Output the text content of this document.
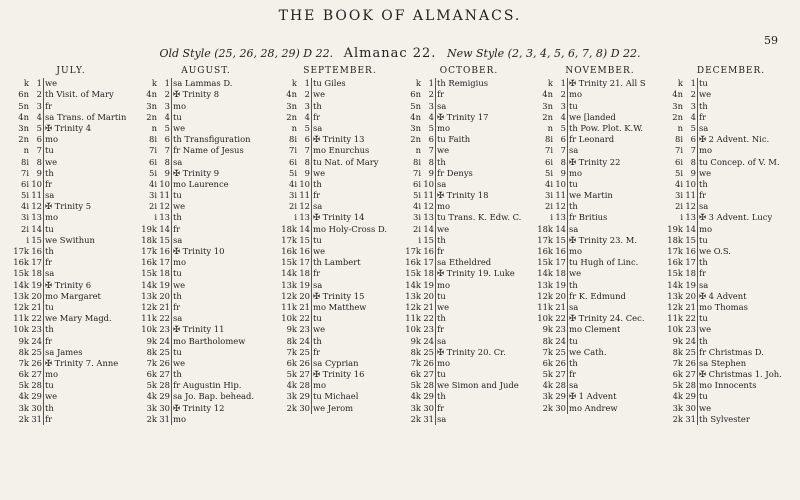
THE BOOK OF ALMANACS.
59
Old Style (25, 26, 28, 29) D 22. Almanac 22. New Style (2, 3, 4, 5, 6, 7, 8) D 22.
JULY.
k 1 we
6n 2 th Visit. of Mary
5n 3 fr
4n 4 sa Trans. of Martin
3n 5 ✠ Trinity 4
2n 6 mo
n 7 tu
8i 8 we
7i 9 th
6i 10 fr
5i 11 sa
4i 12 ✠ Trinity 5
3i 13 mo
2i 14 tu
i 15 we Swithun
17k 16 th
16k 17 fr
15k 18 sa
14k 19 ✠ Trinity 6
13k 20 mo Margaret
12k 21 tu
11k 22 we Mary Magd.
10k 23 th
9k 24 fr
8k 25 sa James
7k 26 ✠ Trinity 7. Anne
6k 27 mo
5k 28 tu
4k 29 we
3k 30 th
2k 31 fr
AUGUST.
k 1 sa Lammas D.
4n 2 ✠ Trinity 8
3n 3 mo
2n 4 tu
n 5 we
8i 6 th Transfiguration
7i 7 fr Name of Jesus
6i 8 sa
5i 9 ✠ Trinity 9
4i 10 mo Laurence
3i 11 tu
2i 12 we
i 13 th
19k 14 fr
18k 15 sa
17k 16 ✠ Trinity 10
16k 17 mo
15k 18 tu
14k 19 we
13k 20 th
12k 21 fr
11k 22 sa
10k 23 ✠ Trinity 11
9k 24 mo Bartholomew
8k 25 tu
7k 26 we
6k 27 th
5k 28 fr Augustin Hip.
4k 29 sa Jo. Bap. behead.
3k 30 ✠ Trinity 12
2k 31 mo
SEPTEMBER.
k 1 tu Giles
4n 2 we
3n 3 th
2n 4 fr
n 5 sa
8i 6 ✠ Trinity 13
7i 7 mo Enurchus
6i 8 tu Nat. of Mary
5i 9 we
4i 10 th
3i 11 fr
2i 12 sa
i 13 ✠ Trinity 14
18k 14 mo Holy-Cross D.
17k 15 tu
16k 16 we
15k 17 th Lambert
14k 18 fr
13k 19 sa
12k 20 ✠ Trinity 15
11k 21 mo Matthew
10k 22 tu
9k 23 we
8k 24 th
7k 25 fr
6k 26 sa Cyprian
5k 27 ✠ Trinity 16
4k 28 mo
3k 29 tu Michael
2k 30 we Jerom
OCTOBER.
k 1 th Remigius
6n 2 fr
5n 3 sa
4n 4 ✠ Trinity 17
3n 5 mo
2n 6 tu Faith
n 7 we
8i 8 th
7i 9 fr Denys
6i 10 sa
5i 11 ✠ Trinity 18
4i 12 mo
3i 13 tu Trans. K. Edw. C.
2i 14 we
i 15 th
17k 16 fr
16k 17 sa Etheldred
15k 18 ✠ Trinity 19. Luke
14k 19 mo
13k 20 tu
12k 21 we
11k 22 th
10k 23 fr
9k 24 sa
8k 25 ✠ Trinity 20. Cr.
7k 26 mo
6k 27 tu
5k 28 we Simon and Jude
4k 29 th
3k 30 fr
2k 31 sa
NOVEMBER.
k 1 ✠ Trinity 21. All S
4n 2 mo
3n 3 tu
2n 4 we [landed
n 5 th Pow. Plot. K.W.
8i 6 fr Leonard
7i 7 sa
6i 8 ✠ Trinity 22
5i 9 mo
4i 10 tu
3i 11 we Martin
2i 12 th
i 13 fr Britius
18k 14 sa
17k 15 ✠ Trinity 23. M.
16k 16 mo
15k 17 tu Hugh of Linc.
14k 18 we
13k 19 th
12k 20 fr K. Edmund
11k 21 sa
10k 22 ✠ Trinity 24. Cec.
9k 23 mo Clement
8k 24 tu
7k 25 we Cath.
6k 26 th
5k 27 fr
4k 28 sa
3k 29 ✠ 1 Advent
2k 30 mo Andrew
DECEMBER.
k 1 tu
4n 2 we
3n 3 th
2n 4 fr
n 5 sa
8i 6 ✠ 2 Advent. Nic.
7i 7 mo
6i 8 tu Concep. of V. M.
5i 9 we
4i 10 th
3i 11 fr
2i 12 sa
i 13 ✠ 3 Advent. Lucy
19k 14 mo
18k 15 tu
17k 16 we O.S.
16k 17 th
15k 18 fr
14k 19 sa
13k 20 ✠ 4 Advent
12k 21 mo Thomas
11k 22 tu
10k 23 we
9k 24 th
8k 25 fr Christmas D.
7k 26 sa Stephen
6k 27 ✠ Christmas 1. Joh.
5k 28 mo Innocents
4k 29 tu
3k 30 we
2k 31 th Sylvester
